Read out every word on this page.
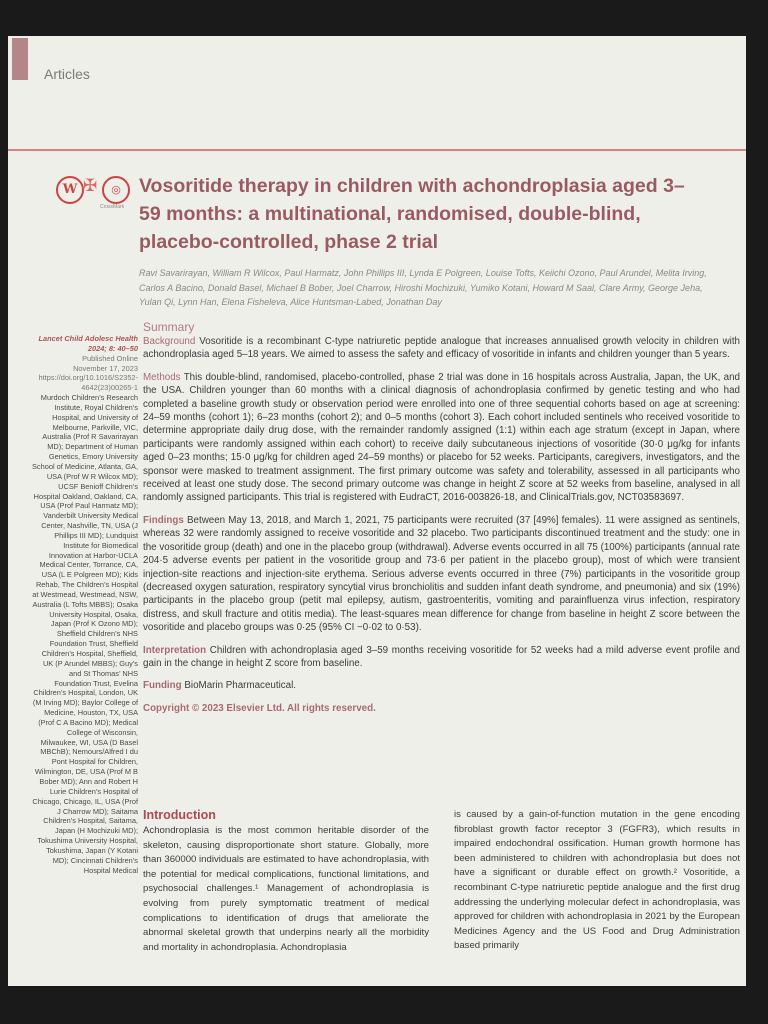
Articles
W ✠	◎
CrossMark
Vosoritide therapy in children with achondroplasia aged 3–59 months: a multinational, randomised, double-blind, placebo-controlled, phase 2 trial
Ravi Savarirayan, William R Wilcox, Paul Harmatz, John Phillips III, Lynda E Polgreen, Louise Tofts, Keiichi Ozono, Paul Arundel, Melita Irving, Carlos A Bacino, Donald Basel, Michael B Bober, Joel Charrow, Hiroshi Mochizuki, Yumiko Kotani, Howard M Saal, Clare Army, George Jeha, Yulan Qi, Lynn Han, Elena Fisheleva, Alice Huntsman-Labed, Jonathan Day
Lancet Child Adolesc Health
2024; 8: 40–50
Published Online
November 17, 2023
https://doi.org/10.1016/S2352-4642(23)00265-1
Murdoch Children’s Research Institute, Royal Children’s Hospital, and University of Melbourne, Parkville, VIC, Australia (Prof R Savarirayan MD); Department of Human Genetics, Emory University School of Medicine, Atlanta, GA, USA (Prof W R Wilcox MD); UCSF Benioff Children’s Hospital Oakland, Oakland, CA, USA (Prof Paul Harmatz MD); Vanderbilt University Medical Center, Nashville, TN, USA (J Phillips III MD); Lundquist Institute for Biomedical Innovation at Harbor-UCLA Medical Center, Torrance, CA, USA (L E Polgreen MD); Kids Rehab, The Children’s Hospital at Westmead, Westmead, NSW, Australia (L Tofts MBBS); Osaka University Hospital, Osaka, Japan (Prof K Ozono MD); Sheffield Children’s NHS Foundation Trust, Sheffield Children’s Hospital, Sheffield, UK (P Arundel MBBS); Guy’s and St Thomas’ NHS Foundation Trust, Evelina Children’s Hospital, London, UK (M Irving MD); Baylor College of Medicine, Houston, TX, USA (Prof C A Bacino MD); Medical College of Wisconsin, Milwaukee, WI, USA (D Basel MBChB); Nemours/Alfred I du Pont Hospital for Children, Wilmington, DE, USA (Prof M B Bober MD); Ann and Robert H Lurie Children’s Hospital of Chicago, Chicago, IL, USA (Prof J Charrow MD); Saitama Children’s Hospital, Saitama, Japan (H Mochizuki MD); Tokushima University Hospital, Tokushima, Japan (Y Kotani MD); Cincinnati Children’s Hospital Medical
Summary

Background Vosoritide is a recombinant C-type natriuretic peptide analogue that increases annualised growth velocity in children with achondroplasia aged 5–18 years. We aimed to assess the safety and efficacy of vosoritide in infants and children younger than 5 years.

Methods This double-blind, randomised, placebo-controlled, phase 2 trial was done in 16 hospitals across Australia, Japan, the UK, and the USA. Children younger than 60 months with a clinical diagnosis of achondroplasia confirmed by genetic testing and who had completed a baseline growth study or observation period were enrolled into one of three sequential cohorts based on age at screening: 24–59 months (cohort 1); 6–23 months (cohort 2); and 0–5 months (cohort 3). Each cohort included sentinels who received vosoritide to determine appropriate daily drug dose, with the remainder randomly assigned (1:1) within each age stratum (except in Japan, where participants were randomly assigned within each cohort) to receive daily subcutaneous injections of vosoritide (30·0 μg/kg for infants aged 0–23 months; 15·0 μg/kg for children aged 24–59 months) or placebo for 52 weeks. Participants, caregivers, investigators, and the sponsor were masked to treatment assignment. The first primary outcome was safety and tolerability, assessed in all participants who received at least one study dose. The second primary outcome was change in height Z score at 52 weeks from baseline, analysed in all randomly assigned participants. This trial is registered with EudraCT, 2016-003826-18, and ClinicalTrials.gov, NCT03583697.

Findings Between May 13, 2018, and March 1, 2021, 75 participants were recruited (37 [49%] females). 11 were assigned as sentinels, whereas 32 were randomly assigned to receive vosoritide and 32 placebo. Two participants discontinued treatment and the study: one in the vosoritide group (death) and one in the placebo group (withdrawal). Adverse events occurred in all 75 (100%) participants (annual rate 204·5 adverse events per patient in the vosoritide group and 73·6 per patient in the placebo group), most of which were transient injection-site reactions and injection-site erythema. Serious adverse events occurred in three (7%) participants in the vosoritide group (decreased oxygen saturation, respiratory syncytial virus bronchiolitis and sudden infant death syndrome, and pneumonia) and six (19%) participants in the placebo group (petit mal epilepsy, autism, gastroenteritis, vomiting and parainfluenza virus infection, respiratory distress, and skull fracture and otitis media). The least-squares mean difference for change from baseline in height Z score between the vosoritide and placebo groups was 0·25 (95% CI −0·02 to 0·53).

Interpretation Children with achondroplasia aged 3–59 months receiving vosoritide for 52 weeks had a mild adverse event profile and gain in the change in height Z score from baseline.

Funding BioMarin Pharmaceutical.

Copyright © 2023 Elsevier Ltd. All rights reserved.

Introduction

Achondroplasia is the most common heritable disorder of the skeleton, causing disproportionate short stature. Globally, more than 360000 individuals are estimated to have achondroplasia, with the potential for medical complications, functional limitations, and psychosocial challenges.¹ Management of achondroplasia is evolving from purely symptomatic treatment of medical complications to identification of drugs that ameliorate the abnormal skeletal growth that underpins nearly all the morbidity and mortality in achondroplasia. Achondroplasia

is caused by a gain-of-function mutation in the gene encoding fibroblast growth factor receptor 3 (FGFR3), which results in impaired endochondral ossification. Human growth hormone has been administered to children with achondroplasia but does not have a significant or durable effect on growth.² Vosoritide, a recombinant C-type natriuretic peptide analogue and the first drug addressing the underlying molecular defect in achondroplasia, was approved for children with achondroplasia in 2021 by the European Medicines Agency and the US Food and Drug Administration based primarily
